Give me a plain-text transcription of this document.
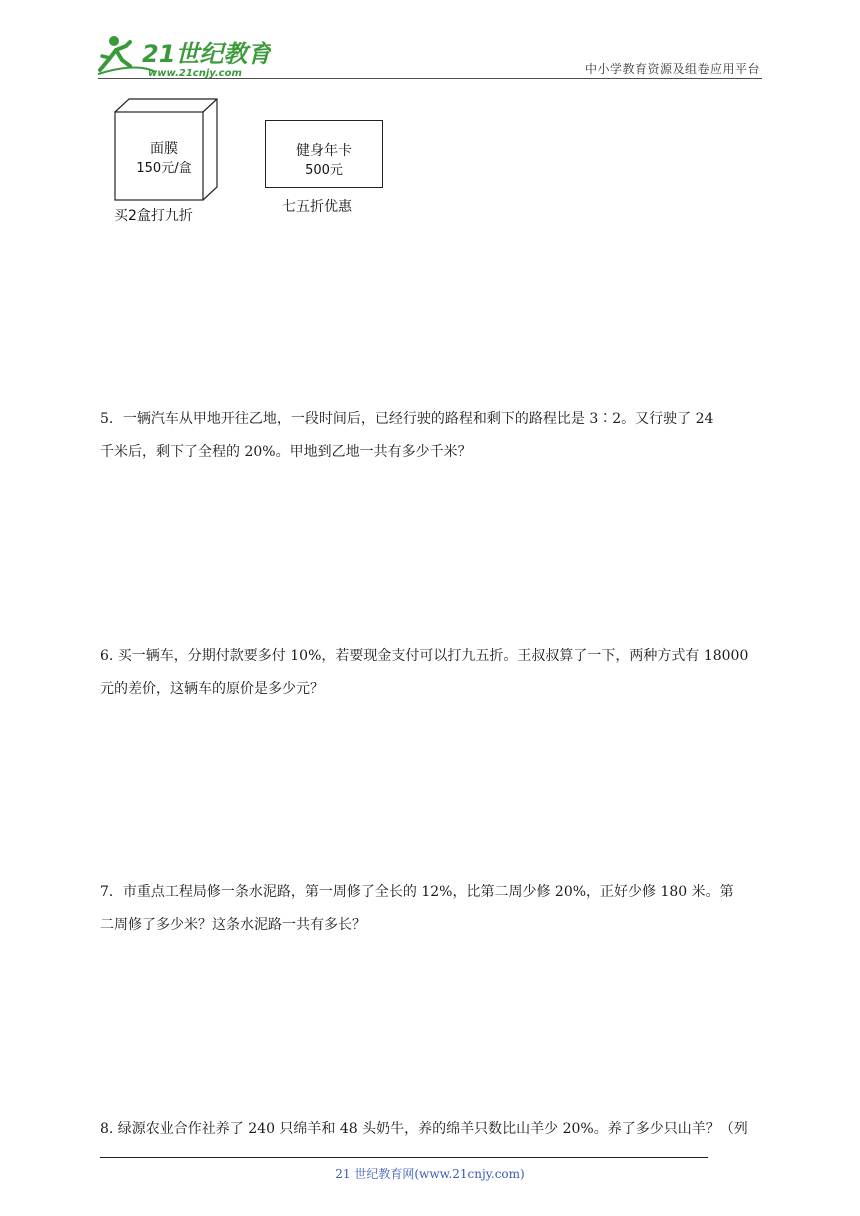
21世纪教育
www.21cnjy.com	中小学教育资源及组卷应用平台
面膜
150元/盒
买2盒打九折
健身年卡
500元
七五折优惠
5．一辆汽车从甲地开往乙地，一段时间后，已经行驶的路程和剩下的路程比是 3∶2。又行驶了 24
千米后，剩下了全程的 20%。甲地到乙地一共有多少千米？
6. 买一辆车，分期付款要多付 10%，若要现金支付可以打九五折。王叔叔算了一下，两种方式有 18000
元的差价，这辆车的原价是多少元？
7．市重点工程局修一条水泥路，第一周修了全长的 12%，比第二周少修 20%，正好少修 180 米。第
二周修了多少米？这条水泥路一共有多长？
8. 绿源农业合作社养了 240 只绵羊和 48 头奶牛，养的绵羊只数比山羊少 20%。养了多少只山羊？（列
21 世纪教育网(www.21cnjy.com)
